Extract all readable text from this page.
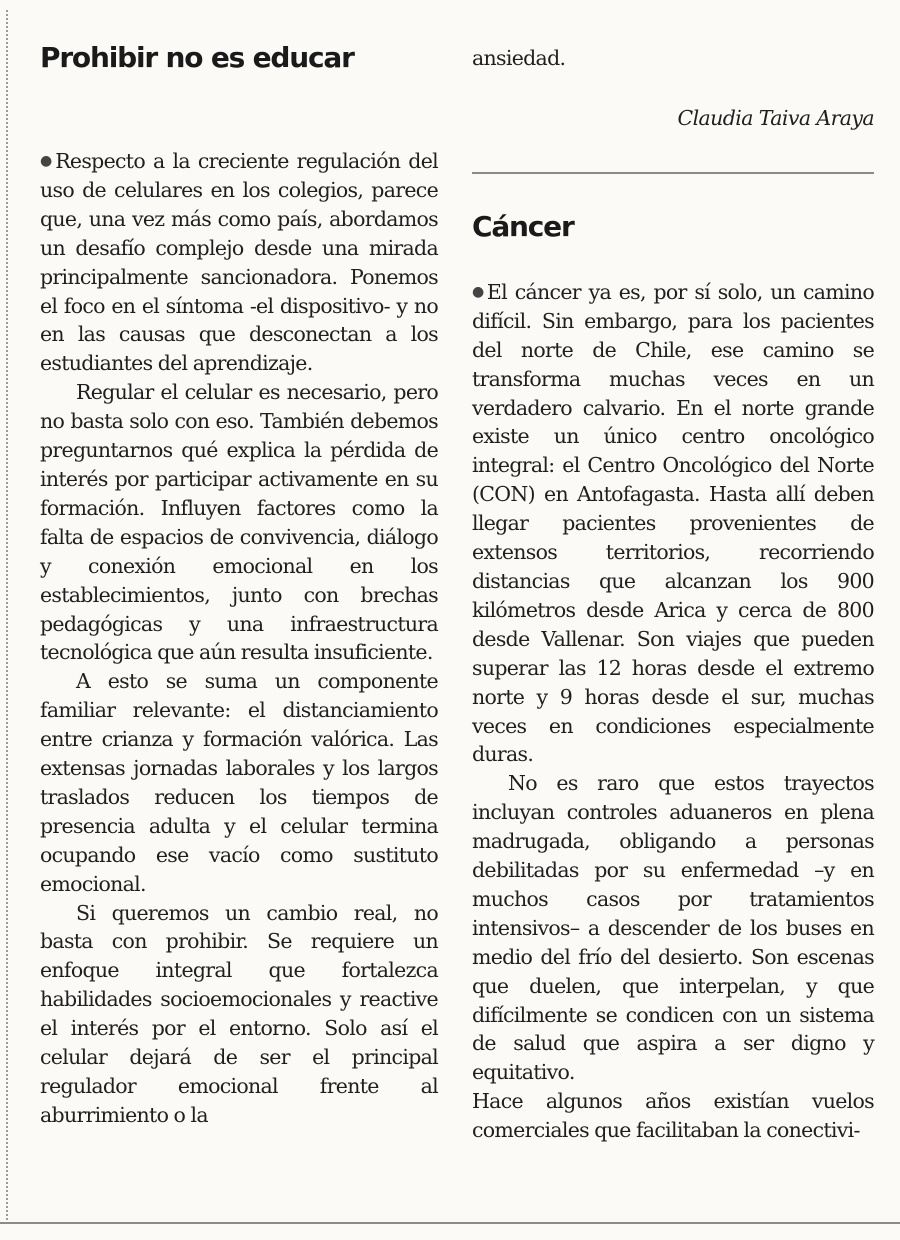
Prohibir no es educar

●Respecto a la creciente regulación del uso de celulares en los colegios, parece que, una vez más como país, abordamos un desafío complejo desde una mirada principalmente sancionadora. Ponemos el foco en el síntoma -el dispositivo- y no en las causas que desconectan a los estudiantes del aprendizaje.

Regular el celular es necesario, pero no basta solo con eso. También debemos preguntarnos qué explica la pérdida de interés por participar activamente en su formación. Influyen factores como la falta de espacios de convivencia, diálogo y conexión emocional en los establecimientos, junto con brechas pedagógicas y una infraestructura tecnológica que aún resulta insuficiente.

A esto se suma un componente familiar relevante: el distanciamiento entre crianza y formación valórica. Las extensas jornadas laborales y los largos traslados reducen los tiempos de presencia adulta y el celular termina ocupando ese vacío como sustituto emocional.

Si queremos un cambio real, no basta con prohibir. Se requiere un enfoque integral que fortalezca habilidades socioemocionales y reactive el interés por el entorno. Solo así el celular dejará de ser el principal regulador emocional frente al aburrimiento o la

ansiedad.

Claudia Taiva Araya
Cáncer

●El cáncer ya es, por sí solo, un camino difícil. Sin embargo, para los pacientes del norte de Chile, ese camino se transforma muchas veces en un verdadero calvario. En el norte grande existe un único centro oncológico integral: el Centro Oncológico del Norte (CON) en Antofagasta. Hasta allí deben llegar pacientes provenientes de extensos territorios, recorriendo distancias que alcanzan los 900 kilómetros desde Arica y cerca de 800 desde Vallenar. Son viajes que pueden superar las 12 horas desde el extremo norte y 9 horas desde el sur, muchas veces en condiciones especialmente duras.

No es raro que estos trayectos incluyan controles aduaneros en plena madrugada, obligando a personas debilitadas por su enfermedad –y en muchos casos por tratamientos intensivos– a descender de los buses en medio del frío del desierto. Son escenas que duelen, que interpelan, y que difícilmente se condicen con un sistema de salud que aspira a ser digno y equitativo.

Hace algunos años existían vuelos comerciales que facilitaban la conectivi-
